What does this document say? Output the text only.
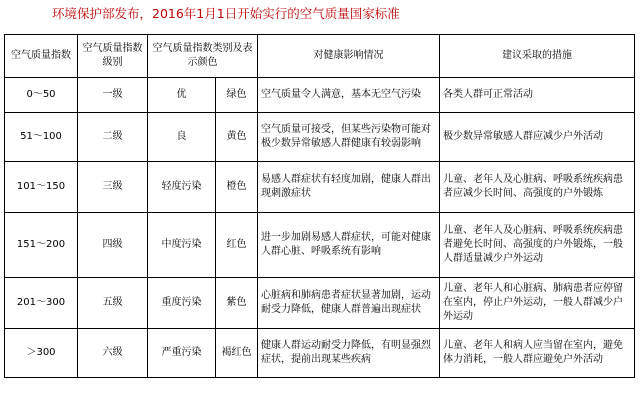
环境保护部发布，2016年1月1日开始实行的空气质量国家标准
空气质量指数	空气质量指数级别	空气质量指数类别及表示颜色		对健康影响情况	建议采取的措施
0～50	一级	优	绿色	空气质量令人满意，基本无空气污染	各类人群可正常活动
51～100	二级	良	黄色	空气质量可接受，但某些污染物可能对极少数异常敏感人群健康有较弱影响	极少数异常敏感人群应减少户外活动
101～150	三级	轻度污染	橙色	易感人群症状有轻度加剧，健康人群出现刺激症状	儿童、老年人及心脏病、呼吸系统疾病患者应减少长时间、高强度的户外锻炼
151～200	四级	中度污染	红色	进一步加剧易感人群症状，可能对健康人群心脏、呼吸系统有影响	儿童、老年人及心脏病、呼吸系统疾病患者避免长时间、高强度的户外锻炼，一般人群适量减少户外运动
201～300	五级	重度污染	紫色	心脏病和肺病患者症状显著加剧，运动耐受力降低，健康人群普遍出现症状	儿童、老年人和心脏病、肺病患者应停留在室内，停止户外运动，一般人群减少户外运动
＞300	六级	严重污染	褐红色	健康人群运动耐受力降低，有明显强烈症状，提前出现某些疾病	儿童、老年人和病人应当留在室内，避免体力消耗，一般人群应避免户外活动
